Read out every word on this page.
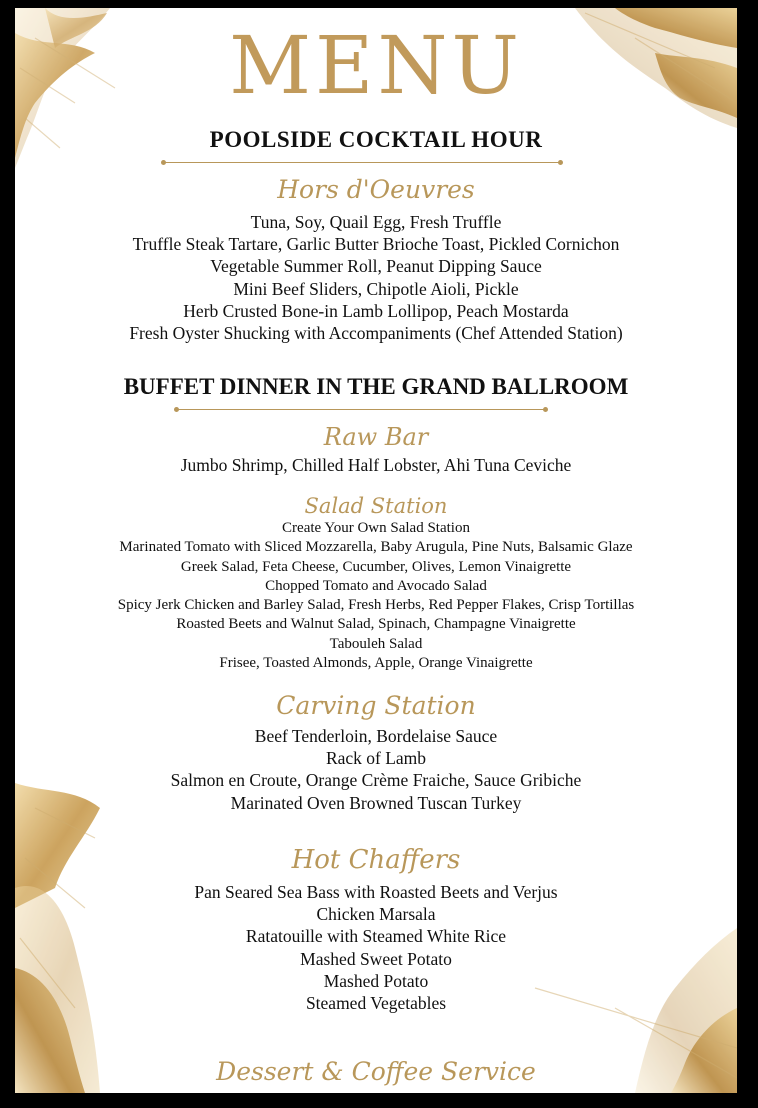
MENU
POOLSIDE COCKTAIL HOUR
Hors d'Oeuvres
Tuna, Soy, Quail Egg, Fresh Truffle
Truffle Steak Tartare, Garlic Butter Brioche Toast, Pickled Cornichon
Vegetable Summer Roll, Peanut Dipping Sauce
Mini Beef Sliders, Chipotle Aioli, Pickle
Herb Crusted Bone-in Lamb Lollipop, Peach Mostarda
Fresh Oyster Shucking with Accompaniments (Chef Attended Station)
BUFFET DINNER IN THE GRAND BALLROOM
Raw Bar
Jumbo Shrimp, Chilled Half Lobster, Ahi Tuna Ceviche
Salad Station
Create Your Own Salad Station
Marinated Tomato with Sliced Mozzarella, Baby Arugula, Pine Nuts, Balsamic Glaze
Greek Salad, Feta Cheese, Cucumber, Olives, Lemon Vinaigrette
Chopped Tomato and Avocado Salad
Spicy Jerk Chicken and Barley Salad, Fresh Herbs, Red Pepper Flakes, Crisp Tortillas
Roasted Beets and Walnut Salad, Spinach, Champagne Vinaigrette
Tabouleh Salad
Frisee, Toasted Almonds, Apple, Orange Vinaigrette
Carving Station
Beef Tenderloin, Bordelaise Sauce
Rack of Lamb
Salmon en Croute, Orange Crème Fraiche, Sauce Gribiche
Marinated Oven Browned Tuscan Turkey
Hot Chaffers
Pan Seared Sea Bass with Roasted Beets and Verjus
Chicken Marsala
Ratatouille with Steamed White Rice
Mashed Sweet Potato
Mashed Potato
Steamed Vegetables
Dessert & Coffee Service
